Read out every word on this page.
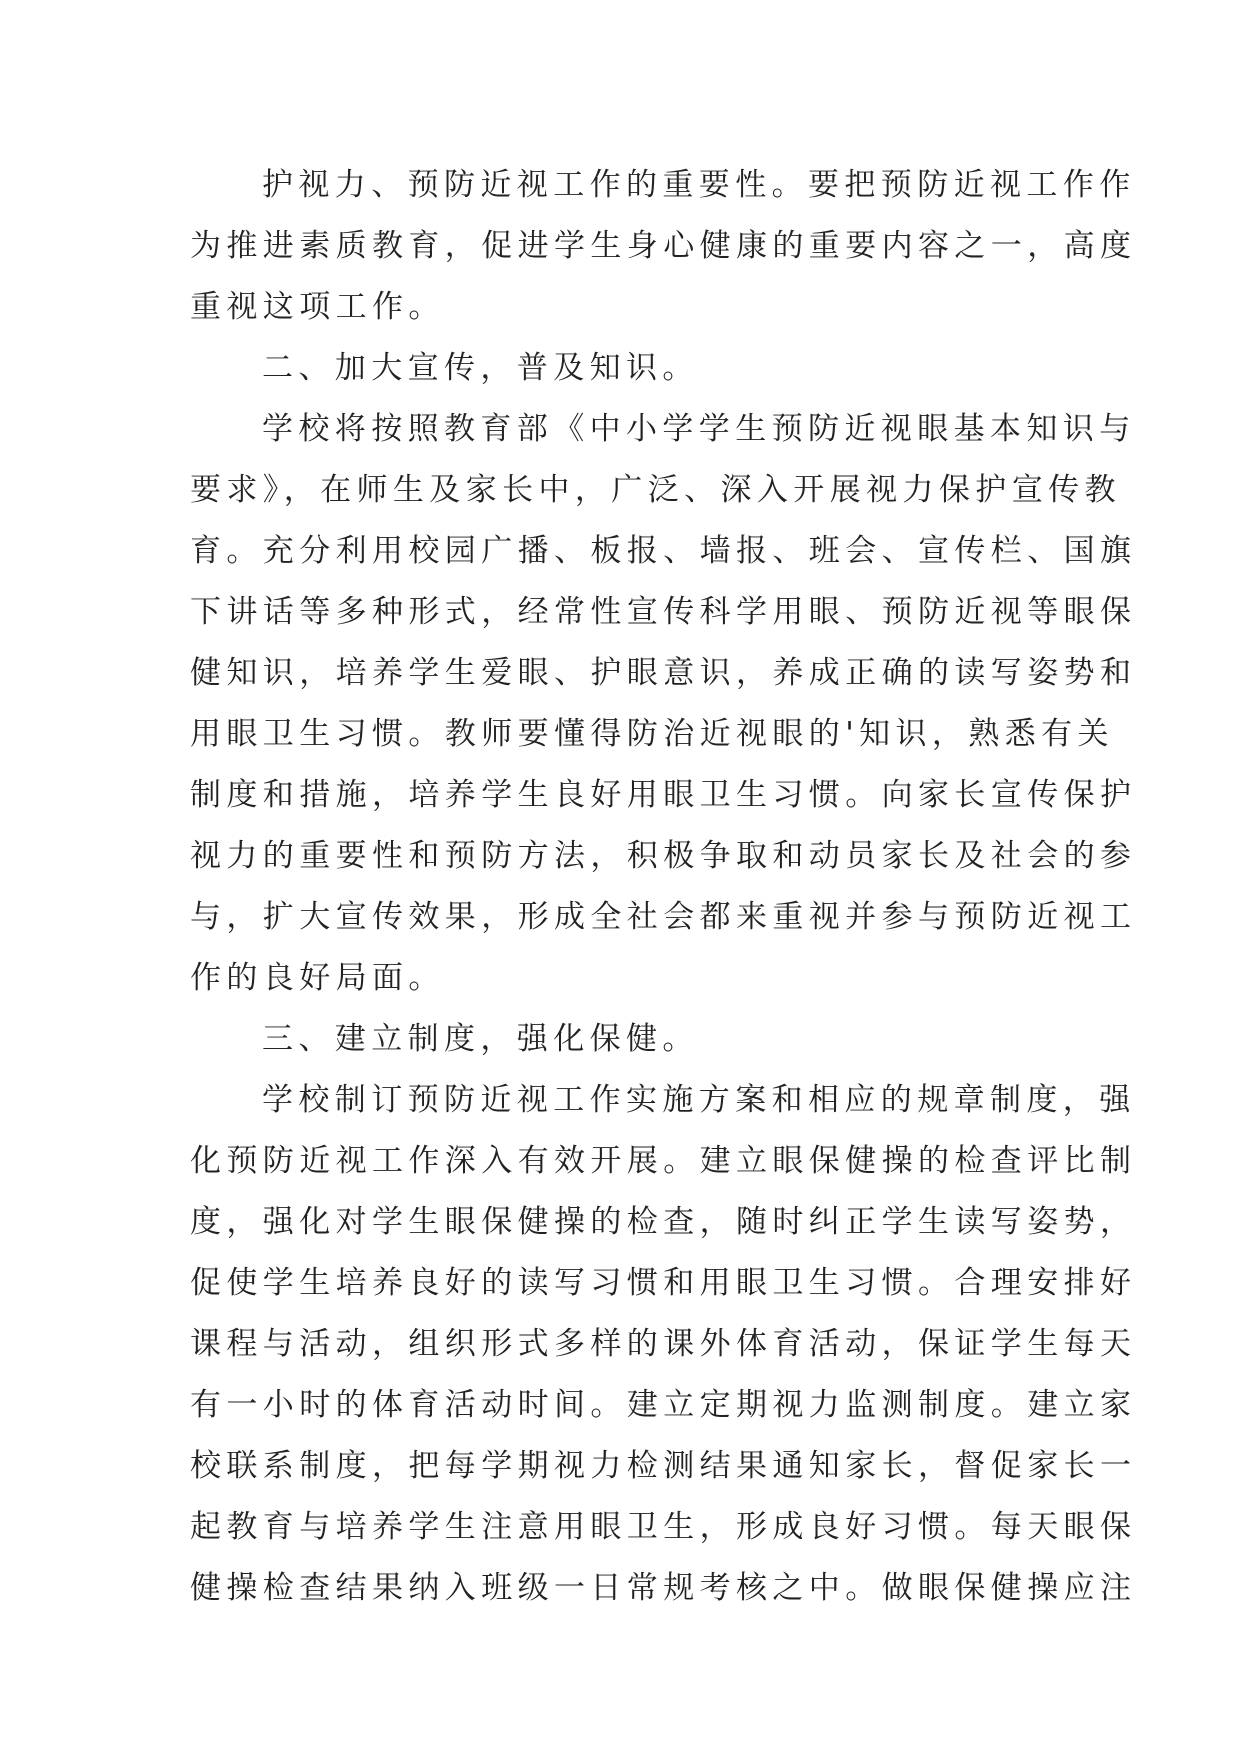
护视力、预防近视工作的重要性。要把预防近视工作作
为推进素质教育，促进学生身心健康的重要内容之一，高度
重视这项工作。
二、加大宣传，普及知识。
学校将按照教育部《中小学学生预防近视眼基本知识与
要求》，在师生及家长中，广泛、深入开展视力保护宣传教
育。充分利用校园广播、板报、墙报、班会、宣传栏、国旗
下讲话等多种形式，经常性宣传科学用眼、预防近视等眼保
健知识，培养学生爱眼、护眼意识，养成正确的读写姿势和
用眼卫生习惯。教师要懂得防治近视眼的'知识，熟悉有关
制度和措施，培养学生良好用眼卫生习惯。向家长宣传保护
视力的重要性和预防方法，积极争取和动员家长及社会的参
与，扩大宣传效果，形成全社会都来重视并参与预防近视工
作的良好局面。
三、建立制度，强化保健。
学校制订预防近视工作实施方案和相应的规章制度，强
化预防近视工作深入有效开展。建立眼保健操的检查评比制
度，强化对学生眼保健操的检查，随时纠正学生读写姿势，
促使学生培养良好的读写习惯和用眼卫生习惯。合理安排好
课程与活动，组织形式多样的课外体育活动，保证学生每天
有一小时的体育活动时间。建立定期视力监测制度。建立家
校联系制度，把每学期视力检测结果通知家长，督促家长一
起教育与培养学生注意用眼卫生，形成良好习惯。每天眼保
健操检查结果纳入班级一日常规考核之中。做眼保健操应注
